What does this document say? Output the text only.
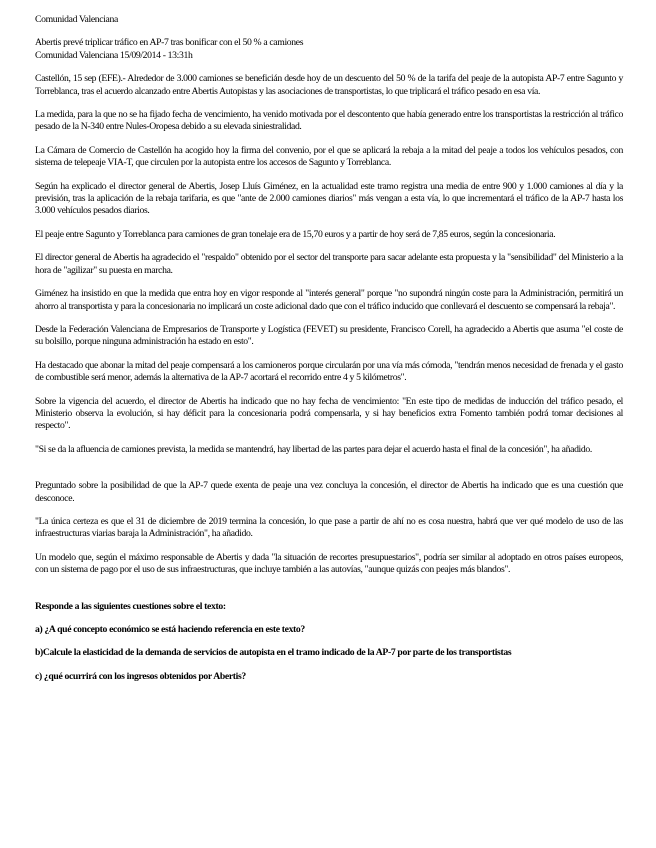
Comunidad Valenciana

Abertis prevé triplicar tráfico en AP-7 tras bonificar con el 50 % a camiones

Comunidad Valenciana 15/09/2014 - 13:31h

Castellón, 15 sep (EFE).- Alrededor de 3.000 camiones se beneficián desde hoy de un descuento del 50 % de la tarifa del peaje de la autopista AP-7 entre Sagunto y Torreblanca, tras el acuerdo alcanzado entre Abertis Autopistas y las asociaciones de transportistas, lo que triplicará el tráfico pesado en esa vía.

La medida, para la que no se ha fijado fecha de vencimiento, ha venido motivada por el descontento que había generado entre los transportistas la restricción al tráfico pesado de la N-340 entre Nules-Oropesa debido a su elevada siniestralidad.

La Cámara de Comercio de Castellón ha acogido hoy la firma del convenio, por el que se aplicará la rebaja a la mitad del peaje a todos los vehículos pesados, con sistema de telepeaje VIA-T, que circulen por la autopista entre los accesos de Sagunto y Torreblanca.

Según ha explicado el director general de Abertis, Josep Lluís Giménez, en la actualidad este tramo registra una media de entre 900 y 1.000 camiones al día y la previsión, tras la aplicación de la rebaja tarifaria, es que "ante de 2.000 camiones diarios" más vengan a esta vía, lo que incrementará el tráfico de la AP-7 hasta los 3.000 vehículos pesados diarios.

El peaje entre Sagunto y Torreblanca para camiones de gran tonelaje era de 15,70 euros y a partir de hoy será de 7,85 euros, según la concesionaria.

El director general de Abertis ha agradecido el "respaldo" obtenido por el sector del transporte para sacar adelante esta propuesta y la "sensibilidad" del Ministerio a la hora de "agilizar" su puesta en marcha.

Giménez ha insistido en que la medida que entra hoy en vigor responde al "interés general" porque "no supondrá ningún coste para la Administración, permitirá un ahorro al transportista y para la concesionaria no implicará un coste adicional dado que con el tráfico inducido que conllevará el descuento se compensará la rebaja".

Desde la Federación Valenciana de Empresarios de Transporte y Logística (FEVET) su presidente, Francisco Corell, ha agradecido a Abertis que asuma "el coste de su bolsillo, porque ninguna administración ha estado en esto".

Ha destacado que abonar la mitad del peaje compensará a los camioneros porque circularán por una vía más cómoda, "tendrán menos necesidad de frenada y el gasto de combustible será menor, además la alternativa de la AP-7 acortará el recorrido entre 4 y 5 kilómetros".

Sobre la vigencia del acuerdo, el director de Abertis ha indicado que no hay fecha de vencimiento: "En este tipo de medidas de inducción del tráfico pesado, el Ministerio observa la evolución, si hay déficit para la concesionaria podrá compensarla, y si hay beneficios extra Fomento también podrá tomar decisiones al respecto".

"Si se da la afluencia de camiones prevista, la medida se mantendrá, hay libertad de las partes para dejar el acuerdo hasta el final de la concesión", ha añadido.

Preguntado sobre la posibilidad de que la AP-7 quede exenta de peaje una vez concluya la concesión, el director de Abertis ha indicado que es una cuestión que desconoce.

"La única certeza es que el 31 de diciembre de 2019 termina la concesión, lo que pase a partir de ahí no es cosa nuestra, habrá que ver qué modelo de uso de las infraestructuras viarias baraja la Administración", ha añadido.

Un modelo que, según el máximo responsable de Abertis y dada "la situación de recortes presupuestarios", podría ser similar al adoptado en otros países europeos, con un sistema de pago por el uso de sus infraestructuras, que incluye también a las autovías, "aunque quizás con peajes más blandos".

Responde a las siguientes cuestiones sobre el texto:

a) ¿A qué concepto económico se está haciendo referencia en este texto?

b)Calcule la elasticidad de la demanda de servicios de autopista en el tramo indicado de la AP-7 por parte de los transportistas

c) ¿qué ocurrirá con los ingresos obtenidos por Abertis?
